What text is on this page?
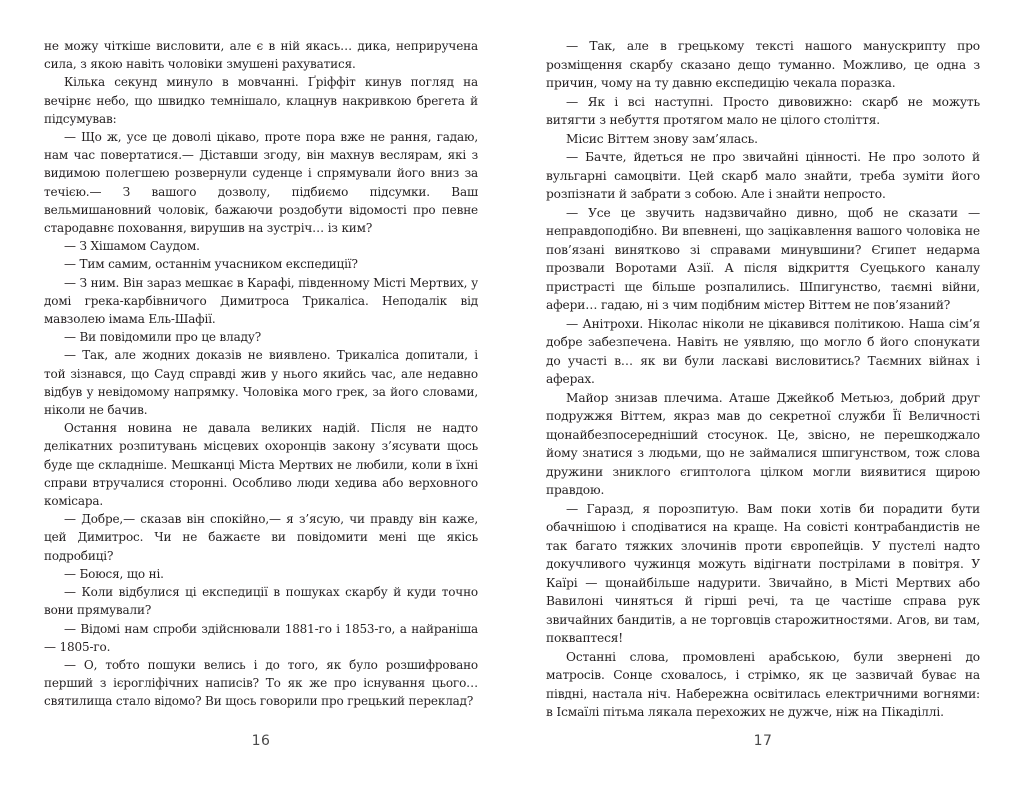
не можу чіткіше висловити, але є в ній якась… дика, неприручена сила, з якою навіть чоловіки змушені рахуватися.

Кілька секунд минуло в мовчанні. Ґріффіт кинув погляд на вечірнє небо, що швидко темнішало, клацнув накривкою брегета й підсумував:

— Що ж, усе це доволі цікаво, проте пора вже не рання, гадаю, нам час повертатися.— Діставши згоду, він махнув веслярам, які з видимою полегшею розвернули суденце і спрямували його вниз за течією.— З вашого дозволу, підбиємо підсумки. Ваш вельмишановний чоловік, бажаючи роздобути відомості про певне стародавнє поховання, вирушив на зустріч… із ким?

— З Хішамом Саудом.

— Тим самим, останнім учасником експедиції?

— З ним. Він зараз мешкає в Карафі, південному Місті Мертвих, у домі грека-карбівничого Димитроса Трикаліса. Неподалік від мавзолею імама Ель-Шафії.

— Ви повідомили про це владу?

— Так, але жодних доказів не виявлено. Трикаліса допитали, і той зізнався, що Сауд справді жив у нього якийсь час, але недавно відбув у невідомому напрямку. Чоловіка мого грек, за його словами, ніколи не бачив.

Остання новина не давала великих надій. Після не надто делікатних розпитувань місцевих охоронців закону з’ясувати щось буде ще складніше. Мешканці Міста Мертвих не любили, коли в їхні справи втручалися сторонні. Особливо люди хедива або верховного комісара.

— Добре,— сказав він спокійно,— я з’ясую, чи правду він каже, цей Димитрос. Чи не бажаєте ви повідомити мені ще якісь подробиці?

— Боюся, що ні.

— Коли відбулися ці експедиції в пошуках скарбу й куди точно вони прямували?

— Відомі нам спроби здійснювали 1881-го і 1853-го, а найраніша — 1805-го.

— О, тобто пошуки велись і до того, як було розшифровано перший з ієрогліфічних написів? То як же про існування цього… святилища стало відомо? Ви щось говорили про грецький переклад?

16

— Так, але в грецькому тексті нашого манускрипту про розміщення скарбу сказано дещо туманно. Можливо, це одна з причин, чому на ту давню експедицію чекала поразка.

— Як і всі наступні. Просто дивовижно: скарб не можуть витягти з небуття протягом мало не цілого століття.

Місис Віттем знову зам’ялась.

— Бачте, йдеться не про звичайні цінності. Не про золото й вульгарні самоцвіти. Цей скарб мало знайти, треба зуміти його розпізнати й забрати з собою. Але і знайти непросто.

— Усе це звучить надзвичайно дивно, щоб не сказати — неправдоподібно. Ви впевнені, що зацікавлення вашого чоловіка не пов’язані винятково зі справами минувшини? Єгипет недарма прозвали Воротами Азії. А після відкриття Суецького каналу пристрасті ще більше розпалились. Шпигунство, таємні війни, афери… гадаю, ні з чим подібним містер Віттем не пов’язаний?

— Анітрохи. Ніколас ніколи не цікавився політикою. Наша сім’я добре забезпечена. Навіть не уявляю, що могло б його спонукати до участі в… як ви були ласкаві висловитись? Таємних війнах і аферах.

Майор знизав плечима. Аташе Джейкоб Метьюз, добрий друг подружжя Віттем, якраз мав до секретної служби Її Величності щонайбезпосередніший стосунок. Це, звісно, не перешкоджало йому знатися з людьми, що не займалися шпигунством, тож слова дружини зниклого єгиптолога цілком могли виявитися щирою правдою.

— Гаразд, я порозпитую. Вам поки хотів би порадити бути обачнішою і сподіватися на краще. На совісті контрабандистів не так багато тяжких злочинів проти європейців. У пустелі надто докучливого чужинця можуть відігнати пострілами в повітря. У Каїрі — щонайбільше надурити. Звичайно, в Місті Мертвих або Вавилоні чиняться й гірші речі, та це частіше справа рук звичайних бандитів, а не торговців старожитностями. Агов, ви там, покваптеся!

Останні слова, промовлені арабською, були звернені до матросів. Сонце сховалось, і стрімко, як це зазвичай буває на півдні, настала ніч. Набережна освітилась електричними вогнями: в Ісмаїлі пітьма лякала перехожих не дужче, ніж на Пікаділлі.

17
